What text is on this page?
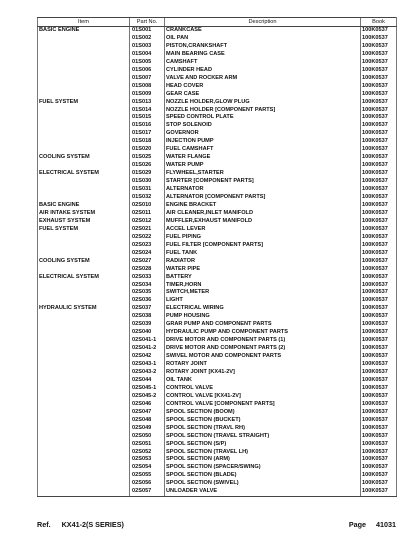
Item	Part No.	Description	Book
BASIC ENGINE	01S001	CRANKCASE	100K0537
	01S002	OIL PAN	100K0537
	01S003	PISTON,CRANKSHAFT	100K0537
	01S004	MAIN BEARING CASE	100K0537
	01S005	CAMSHAFT	100K0537
	01S006	CYLINDER HEAD	100K0537
	01S007	VALVE AND ROCKER ARM	100K0537
	01S008	HEAD COVER	100K0537
	01S009	GEAR CASE	100K0537
FUEL SYSTEM	01S013	NOZZLE HOLDER,GLOW PLUG	100K0537
	01S014	NOZZLE HOLDER [COMPONENT PARTS]	100K0537
	01S015	SPEED CONTROL PLATE	100K0537
	01S016	STOP SOLENOID	100K0537
	01S017	GOVERNOR	100K0537
	01S018	INJECTION PUMP	100K0537
	01S020	FUEL CAMSHAFT	100K0537
COOLING SYSTEM	01S025	WATER FLANGE	100K0537
	01S026	WATER PUMP	100K0537
ELECTRICAL SYSTEM	01S029	FLYWHEEL,STARTER	100K0537
	01S030	STARTER [COMPONENT PARTS]	100K0537
	01S031	ALTERNATOR	100K0537
	01S032	ALTERNATOR [COMPONENT PARTS]	100K0537
BASIC ENGINE	02S010	ENGINE BRACKET	100K0537
AIR INTAKE SYSTEM	02S011	AIR CLEANER,INLET MANIFOLD	100K0537
EXHAUST SYSTEM	02S012	MUFFLER,EXHAUST MANIFOLD	100K0537
FUEL SYSTEM	02S021	ACCEL LEVER	100K0537
	02S022	FUEL PIPING	100K0537
	02S023	FUEL FILTER [COMPONENT PARTS]	100K0537
	02S024	FUEL TANK	100K0537
COOLING SYSTEM	02S027	RADIATOR	100K0537
	02S028	WATER PIPE	100K0537
ELECTRICAL SYSTEM	02S033	BATTERY	100K0537
	02S034	TIMER,HORN	100K0537
	02S035	SWITCH,METER	100K0537
	02S036	LIGHT	100K0537
HYDRAULIC SYSTEM	02S037	ELECTRICAL WIRING	100K0537
	02S038	PUMP HOUSING	100K0537
	02S039	GRAR PUMP AND COMPONENT PARTS	100K0537
	02S040	HYDRAULIC PUMP AND COMPONENT PARTS	100K0537
	02S041-1	DRIVE MOTOR AND COMPONENT PARTS (1)	100K0537
	02S041-2	DRIVE MOTOR AND COMPONENT PARTS (2)	100K0537
	02S042	SWIVEL MOTOR AND COMPONENT PARTS	100K0537
	02S043-1	ROTARY JOINT	100K0537
	02S043-2	ROTARY JOINT [KX41-2V]	100K0537
	02S044	OIL TANK	100K0537
	02S045-1	CONTROL VALVE	100K0537
	02S045-2	CONTROL VALVE [KX41-2V]	100K0537
	02S046	CONTROL VALVE [COMPONENT PARTS]	100K0537
	02S047	SPOOL SECTION (BOOM)	100K0537
	02S048	SPOOL SECTION (BUCKET)	100K0537
	02S049	SPOOL SECTION (TRAVL RH)	100K0537
	02S050	SPOOL SECTION (TRAVEL STRAIGHT)	100K0537
	02S051	SPOOL SECTION (S/P)	100K0537
	02S052	SPOOL SECTION (TRAVEL LH)	100K0537
	02S053	SPOOL SECTION (ARM)	100K0537
	02S054	SPOOL SECTION (SPACER/SWING)	100K0537
	02S055	SPOOL SECTION (BLADE)	100K0537
	02S056	SPOOL SECTION (SWIVEL)	100K0537
	02S057	UNLOADER VALVE	100K0537
Ref. KX41-2(S SERIES)	Page 41031
